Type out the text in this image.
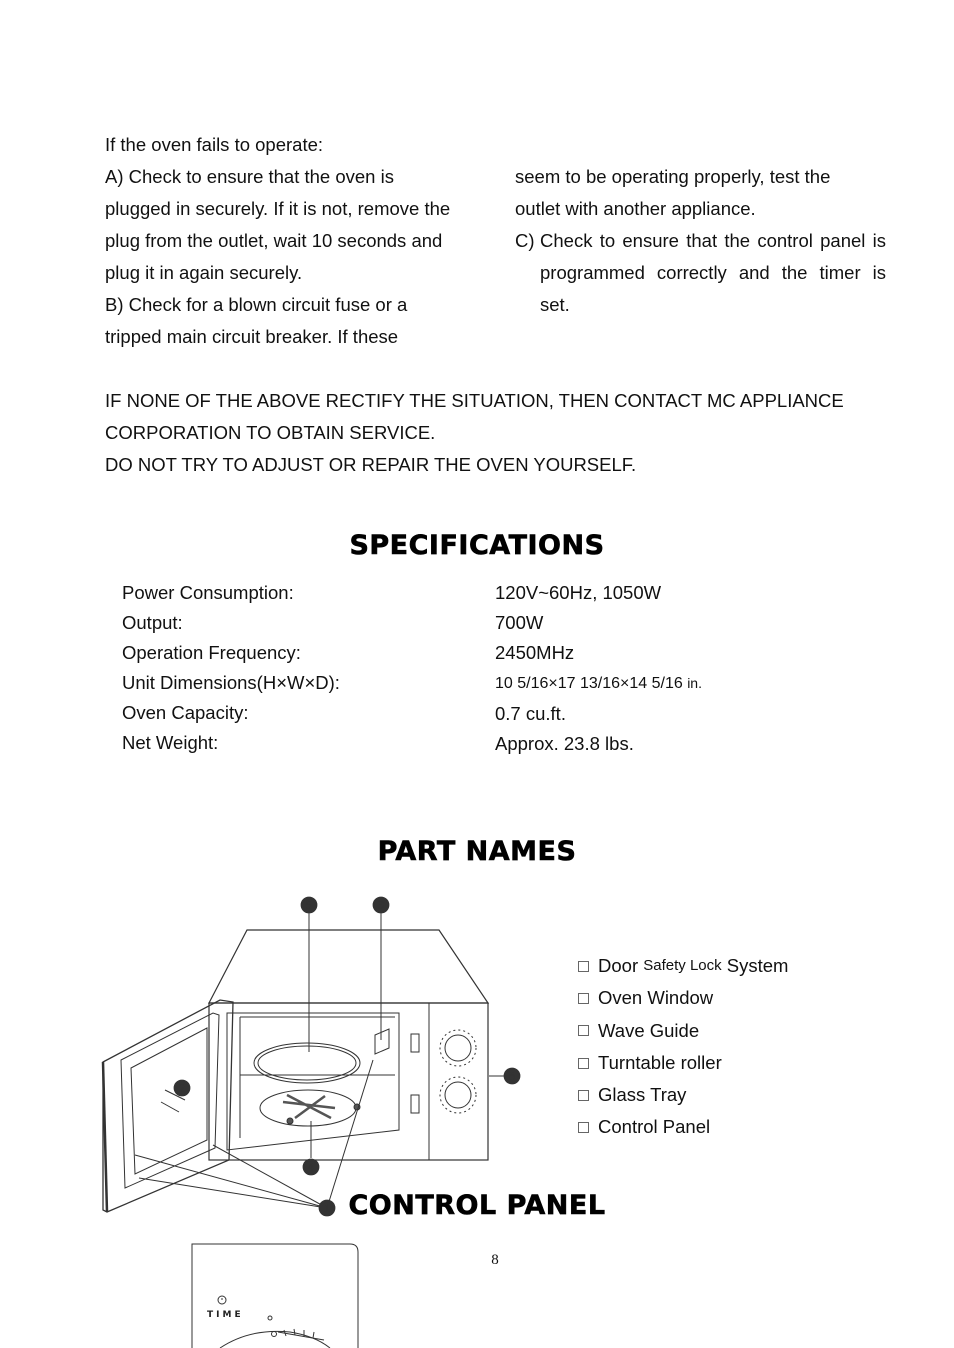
If the oven fails to operate:
A) Check to ensure that the oven is
plugged in securely. If it is not, remove the
plug from the outlet, wait 10 seconds and
plug it in again securely.
B) Check for a blown circuit fuse or a
tripped main circuit breaker. If these
seem to be operating properly, test the
outlet with another appliance.
C) Check to ensure that the control panel is programmed correctly and the timer is set.
IF NONE OF THE ABOVE RECTIFY THE SITUATION, THEN CONTACT MC APPLIANCE
CORPORATION TO OBTAIN SERVICE.
DO NOT TRY TO ADJUST OR REPAIR THE OVEN YOURSELF.
SPECIFICATIONS
Power Consumption:
Output:
Operation Frequency:
Unit Dimensions(H×W×D):
Oven Capacity:
Net Weight:
120V~60Hz, 1050W
700W
2450MHz
10 5/16×17 13/16×14 5/16 in.
0.7 cu.ft.
Approx. 23.8 lbs.
PART NAMES
5	3
2
4
6
1
Door
Safety Lock
System
Oven Window
Wave Guide
Turntable roller
Glass Tray
Control Panel
CONTROL PANEL
8
TIME
